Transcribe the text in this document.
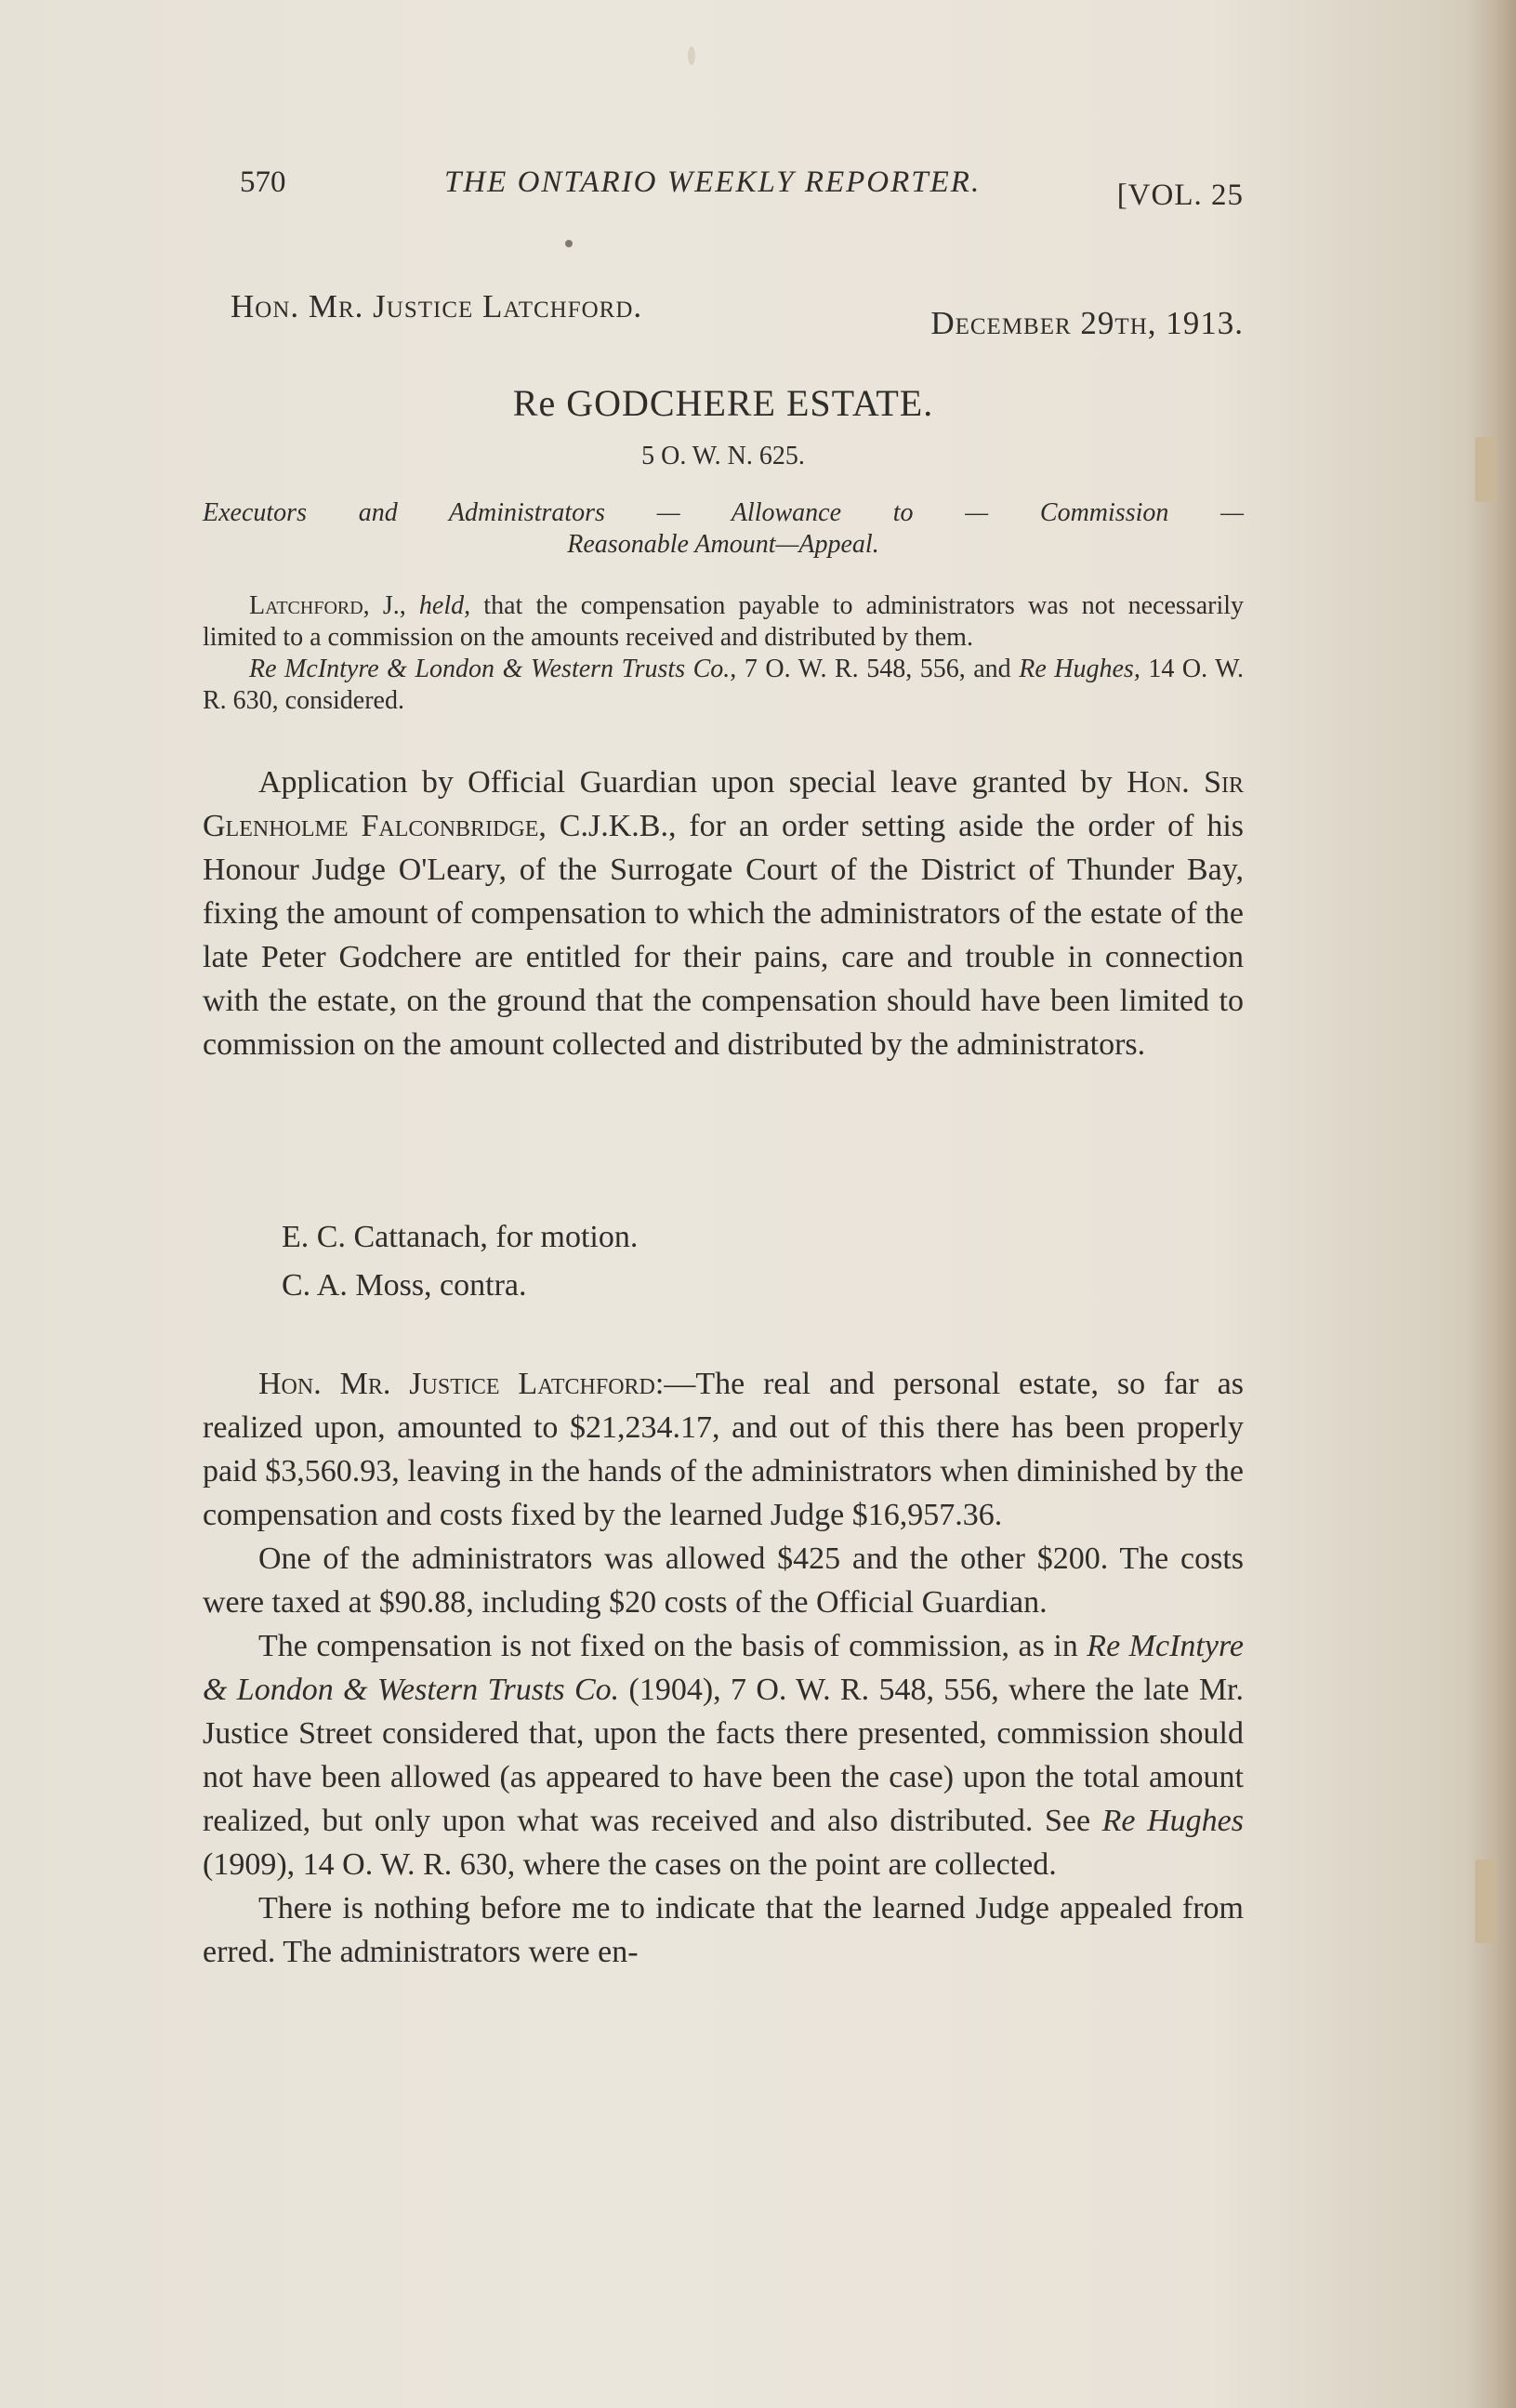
570	THE ONTARIO WEEKLY REPORTER.	[VOL. 25
Hon. Mr. Justice Latchford.	December 29th, 1913.
Re GODCHERE ESTATE.
5 O. W. N. 625.
Executors and Administrators — Allowance to — Commission —
Reasonable Amount—Appeal.

Latchford, J., held, that the compensation payable to administrators was not necessarily limited to a commission on the amounts received and distributed by them.

Re McIntyre & London & Western Trusts Co., 7 O. W. R. 548, 556, and Re Hughes, 14 O. W. R. 630, considered.

Application by Official Guardian upon special leave granted by Hon. Sir Glenholme Falconbridge, C.J.K.B., for an order setting aside the order of his Honour Judge O'Leary, of the Surrogate Court of the District of Thunder Bay, fixing the amount of compensation to which the administrators of the estate of the late Peter Godchere are entitled for their pains, care and trouble in connection with the estate, on the ground that the compensation should have been limited to commission on the amount collected and distributed by the administrators.

E. C. Cattanach, for motion.
C. A. Moss, contra.

Hon. Mr. Justice Latchford:—The real and personal estate, so far as realized upon, amounted to $21,234.17, and out of this there has been properly paid $3,560.93, leaving in the hands of the administrators when diminished by the compensation and costs fixed by the learned Judge $16,957.36.

One of the administrators was allowed $425 and the other $200. The costs were taxed at $90.88, including $20 costs of the Official Guardian.

The compensation is not fixed on the basis of commission, as in Re McIntyre & London & Western Trusts Co. (1904), 7 O. W. R. 548, 556, where the late Mr. Justice Street considered that, upon the facts there presented, commission should not have been allowed (as appeared to have been the case) upon the total amount realized, but only upon what was received and also distributed. See Re Hughes (1909), 14 O. W. R. 630, where the cases on the point are collected.

There is nothing before me to indicate that the learned Judge appealed from erred. The administrators were en-
